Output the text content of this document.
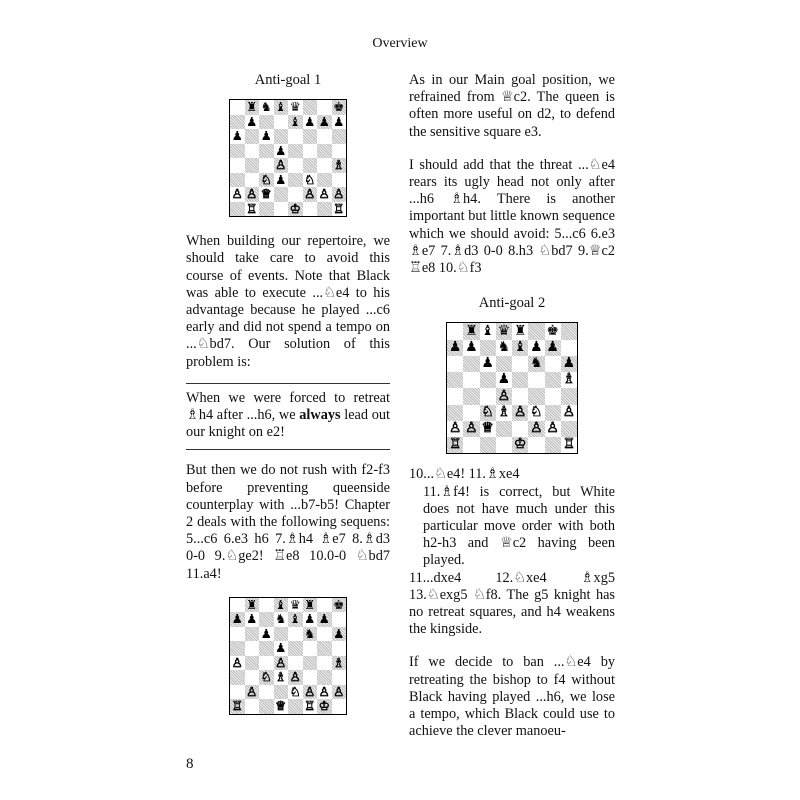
Overview
Anti-goal 1
♜ ♞ ♝ ♛	♚
♟	♝ ♟ ♟ ♟
♟ ♟
♟
♙	♗
♘ ♟ ♘
♙ ♙ ♕	♙ ♙ ♙
♖	♔	♖

When building our repertoire, we should take care to avoid this course of events. Note that Black was able to execute ...♘e4 to his advantage because he played ...c6 early and did not spend a tempo on ...♘bd7. Our solution of this problem is:

When we were forced to retreat ♗h4 after ...h6, we always lead out our knight on e2!

But then we do not rush with f2-f3 before preventing queenside counterplay with ...b7-b5! Chapter 2 deals with the following sequens: 5...c6 6.e3 h6 7.♗h4 ♗e7 8.♗d3 0-0 9.♘ge2! ♖e8 10.0-0 ♘bd7 11.a4!

♜ ♝ ♛ ♜ ♚
♟ ♟ ♞ ♝ ♟ ♟
♟	♞ ♟
♟
♙	♙	♗
♘ ♗ ♙
♙	♘ ♙ ♙ ♙
♖	♕ ♖ ♔

As in our Main goal position, we refrained from ♕c2. The queen is often more useful on d2, to defend the sensitive square e3.

I should add that the threat ...♘e4 rears its ugly head not only after ...h6 ♗h4. There is another important but little known sequence which we should avoid: 5...c6 6.e3 ♗e7 7.♗d3 0-0 8.h3 ♘bd7 9.♕c2 ♖e8 10.♘f3

Anti-goal 2
♜ ♝ ♛ ♜ ♚
♟ ♟ ♞ ♝ ♟ ♟
♟	♞ ♟
♟	♗
♙
♘ ♗ ♙ ♘ ♙
♙ ♙ ♕	♙ ♙
♖	♔	♖

10...♘e4! 11.♗xe4

11.♗f4! is correct, but White does not have much under this particular move order with both h2-h3 and ♕c2 having been played.

11...dxe4 12.♘xe4 ♗xg5 13.♘exg5 ♘f8. The g5 knight has no retreat squares, and h4 weakens the kingside.

If we decide to ban ...♘e4 by retreating the bishop to f4 without Black having played ...h6, we lose a tempo, which Black could use to achieve the clever manoeu-

8
